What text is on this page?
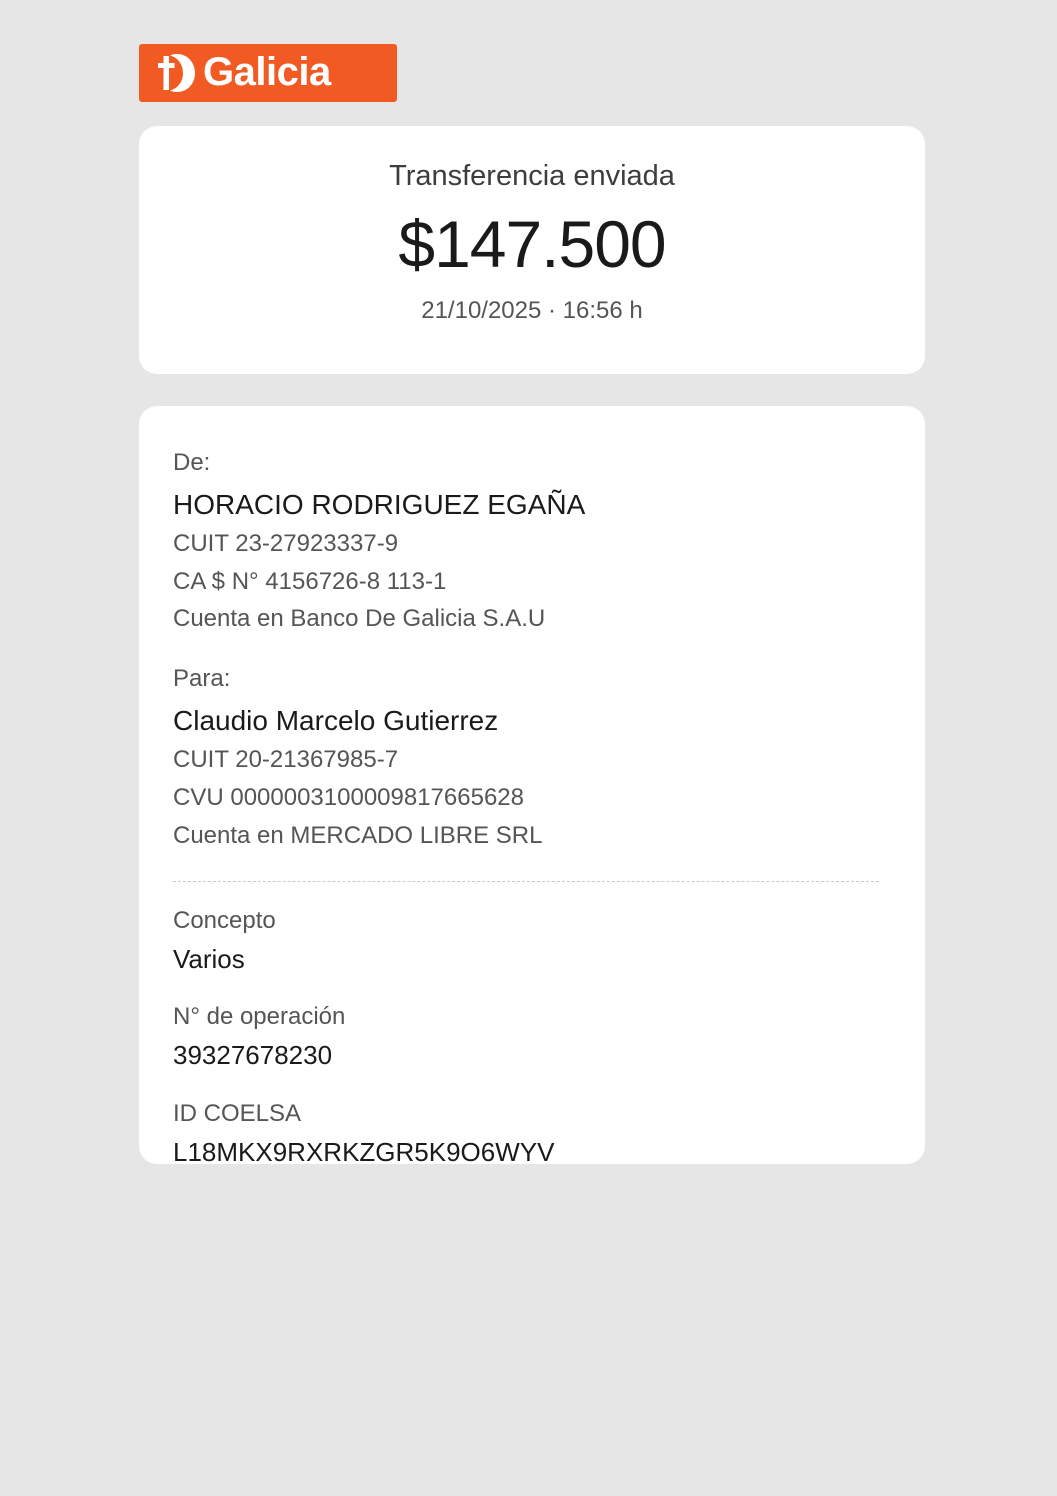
Galicia
Transferencia enviada
$147.500
21/10/2025 · 16:56 h
De:
HORACIO RODRIGUEZ EGAÑA
CUIT 23-27923337-9
CA $ N° 4156726-8 113-1
Cuenta en Banco De Galicia S.A.U
Para:
Claudio Marcelo Gutierrez
CUIT 20-21367985-7
CVU 0000003100009817665628
Cuenta en MERCADO LIBRE SRL
Concepto
Varios
N° de operación
39327678230
ID COELSA
L18MKX9RXRKZGR5K9O6WYV
